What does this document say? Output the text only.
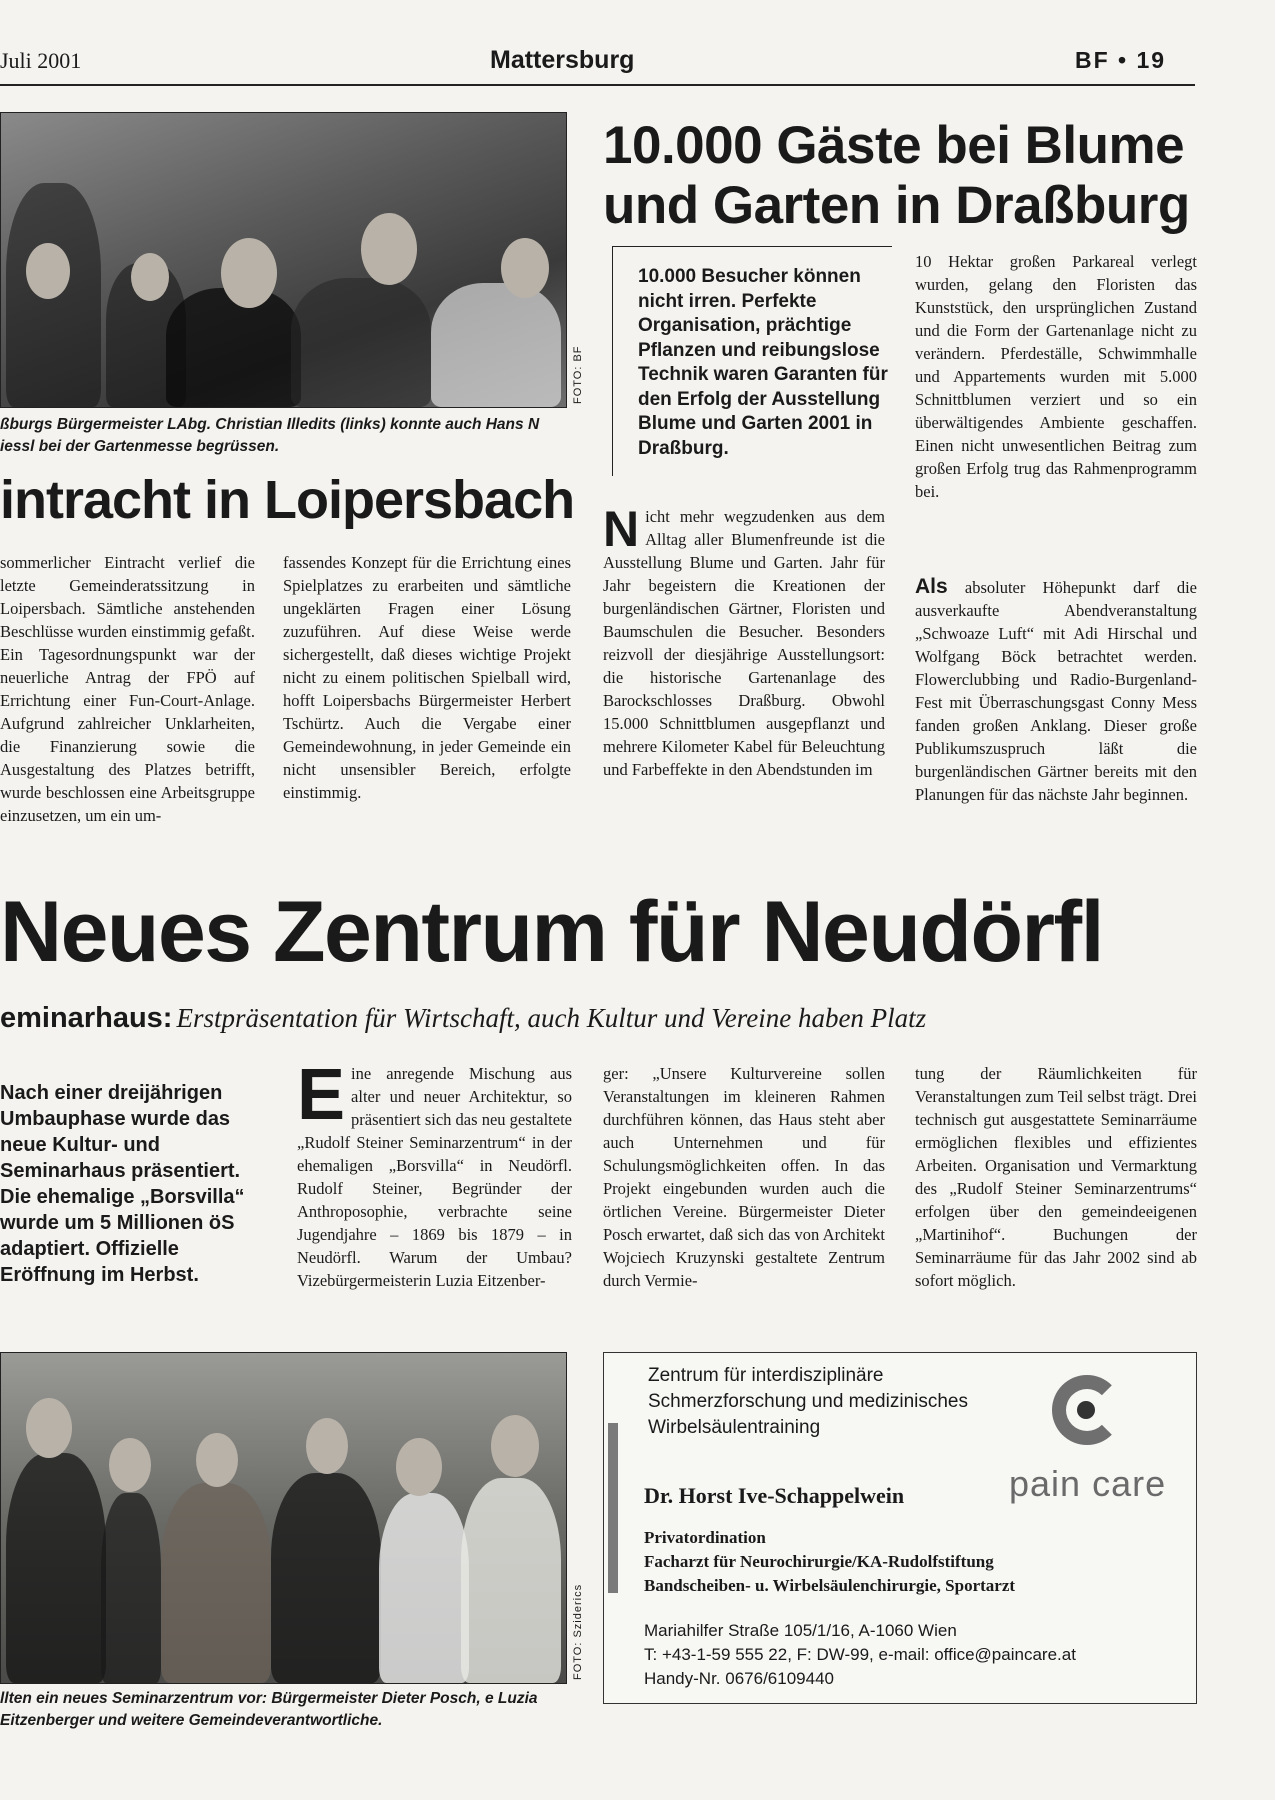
Juli 2001	Mattersburg	BF • 19
FOTO: BF
ßburgs Bürgermeister LAbg. Christian Illedits (links) konnte auch Hans N iessl bei der Gartenmesse begrüssen.
intracht in Loipersbach
sommerlicher Eintracht verlief die letzte Gemeinderatssitzung in Loipersbach. Sämtliche anstehenden Beschlüsse wurden einstimmig gefaßt. Ein Tagesordnungspunkt war der neuerliche Antrag der FPÖ auf Errichtung einer Fun-Court-Anlage. Aufgrund zahlreicher Unklarheiten, die Finanzierung sowie die Ausgestaltung des Platzes betrifft, wurde beschlossen eine Arbeitsgruppe einzusetzen, um ein um-
fassendes Konzept für die Errichtung eines Spielplatzes zu erarbeiten und sämtliche ungeklärten Fragen einer Lösung zuzuführen. Auf diese Weise werde sichergestellt, daß dieses wichtige Projekt nicht zu einem politischen Spielball wird, hofft Loipersbachs Bürgermeister Herbert Tschürtz. Auch die Vergabe einer Gemeindewohnung, in jeder Gemeinde ein nicht unsensibler Bereich, erfolgte einstimmig.
10.000 Gäste bei Blume
und Garten in Draßburg
10.000 Besucher können nicht irren. Perfekte Organisation, prächtige Pflanzen und reibungslose Technik waren Garanten für den Erfolg der Ausstellung Blume und Garten 2001 in Draßburg.
Nicht mehr wegzudenken aus dem Alltag aller Blumenfreunde ist die Ausstellung Blume und Garten. Jahr für Jahr begeistern die Kreationen der burgenländischen Gärtner, Floristen und Baumschulen die Besucher. Besonders reizvoll der diesjährige Ausstellungsort: die historische Gartenanlage des Barockschlosses Draßburg. Obwohl 15.000 Schnittblumen ausgepflanzt und mehrere Kilometer Kabel für Beleuchtung und Farbeffekte in den Abendstunden im
10 Hektar großen Parkareal verlegt wurden, gelang den Floristen das Kunststück, den ursprünglichen Zustand und die Form der Gartenanlage nicht zu verändern. Pferdeställe, Schwimmhalle und Appartements wurden mit 5.000 Schnittblumen verziert und so ein überwältigendes Ambiente geschaffen. Einen nicht unwesentlichen Beitrag zum großen Erfolg trug das Rahmenprogramm bei.
Als absoluter Höhepunkt darf die ausverkaufte Abendveranstaltung „Schwoaze Luft“ mit Adi Hirschal und Wolfgang Böck betrachtet werden. Flowerclubbing und Radio-Burgenland-Fest mit Überraschungsgast Conny Mess fanden großen Anklang. Dieser große Publikumszuspruch läßt die burgenländischen Gärtner bereits mit den Planungen für das nächste Jahr beginnen.
Neues Zentrum für Neudörfl
eminarhaus: Erstpräsentation für Wirtschaft, auch Kultur und Vereine haben Platz
Nach einer dreijährigen Umbauphase wurde das neue Kultur- und Seminarhaus präsentiert. Die ehemalige „Borsvilla“ wurde um 5 Millionen öS adaptiert. Offizielle Eröffnung im Herbst.
Eine anregende Mischung aus alter und neuer Architektur, so präsentiert sich das neu gestaltete „Rudolf Steiner Seminarzentrum“ in der ehemaligen „Borsvilla“ in Neudörfl. Rudolf Steiner, Begründer der Anthroposophie, verbrachte seine Jugendjahre – 1869 bis 1879 – in Neudörfl. Warum der Umbau? Vizebürgermeisterin Luzia Eitzenber-
ger: „Unsere Kulturvereine sollen Veranstaltungen im kleineren Rahmen durchführen können, das Haus steht aber auch Unternehmen und für Schulungsmöglichkeiten offen. In das Projekt eingebunden wurden auch die örtlichen Vereine. Bürgermeister Dieter Posch erwartet, daß sich das von Architekt Wojciech Kruzynski gestaltete Zentrum durch Vermie-
tung der Räumlichkeiten für Veranstaltungen zum Teil selbst trägt. Drei technisch gut ausgestattete Seminarräume ermöglichen flexibles und effizientes Arbeiten. Organisation und Vermarktung des „Rudolf Steiner Seminarzentrums“ erfolgen über den gemeindeeigenen „Martinihof“. Buchungen der Seminarräume für das Jahr 2002 sind ab sofort möglich.
FOTO: Sziderics
llten ein neues Seminarzentrum vor: Bürgermeister Dieter Posch, e Luzia Eitzenberger und weitere Gemeindeverantwortliche.
Zentrum für interdisziplinäre
Schmerzforschung und medizinisches
Wirbelsäulentraining
pain care
Dr. Horst Ive-Schappelwein
Privatordination
Facharzt für Neurochirurgie/KA-Rudolfstiftung
Bandscheiben- u. Wirbelsäulenchirurgie, Sportarzt
Mariahilfer Straße 105/1/16, A-1060 Wien
T: +43-1-59 555 22, F: DW-99, e-mail: office@paincare.at
Handy-Nr. 0676/6109440
